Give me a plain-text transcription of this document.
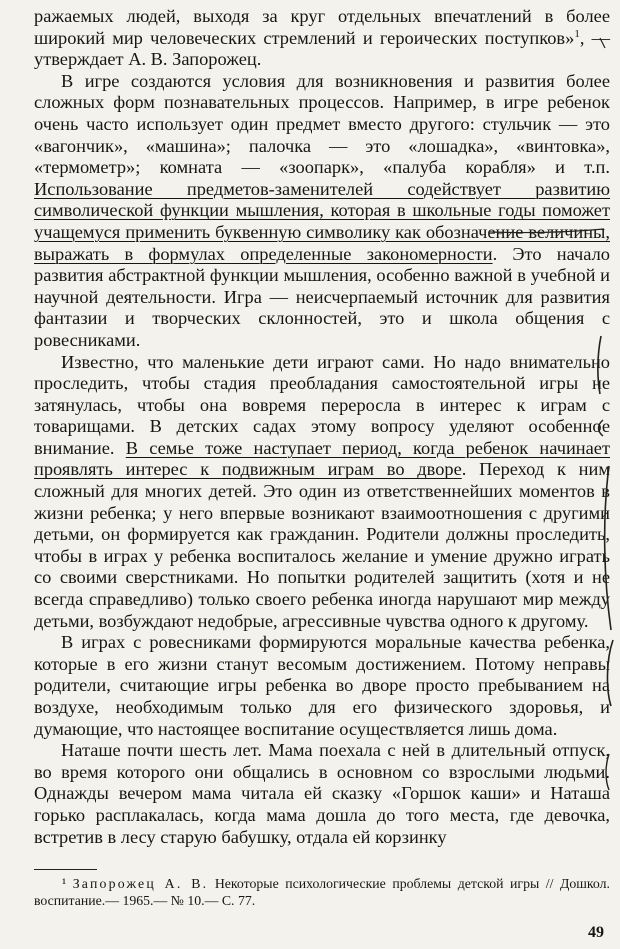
ражаемых людей, выходя за круг отдельных впечатлений в более широкий мир человеческих стремлений и героических поступков»$^1$, — утверждает А. В. Запорожец.

В игре создаются условия для возникновения и развития более сложных форм познавательных процессов. Например, в игре ребенок очень часто использует один предмет вместо другого: стульчик — это «вагончик», «машина»; палочка — это «лошадка», «винтовка», «термометр»; комната — «зоопарк», «палуба корабля» и т.п. Использование предметов-заменителей содействует развитию символической функции мышления, которая в школьные годы поможет учащемуся применить буквенную символику как обозначение величины, выражать в формулах определенные закономерности. Это начало развития абстрактной функции мышления, особенно важной в учебной и научной деятельности. Игра — неисчерпаемый источник для развития фантазии и творческих склонностей, это и школа общения с ровесниками.

Известно, что маленькие дети играют сами. Но надо внимательно проследить, чтобы стадия преобладания самостоятельной игры не затянулась, чтобы она вовремя переросла в интерес к играм с товарищами. В детских садах этому вопросу уделяют особенное внимание. В семье тоже наступает период, когда ребенок начинает проявлять интерес к подвижным играм во дворе. Переход к ним сложный для многих детей. Это один из ответственнейших моментов в жизни ребенка; у него впервые возникают взаимоотношения с другими детьми, он формируется как гражданин. Родители должны проследить, чтобы в играх у ребенка воспиталось желание и умение дружно играть со своими сверстниками. Но попытки родителей защитить (хотя и не всегда справедливо) только своего ребенка иногда нарушают мир между детьми, возбуждают недобрые, агрессивные чувства одного к другому.

В играх с ровесниками формируются моральные качества ребенка, которые в его жизни станут весомым достижением. Потому неправы родители, считающие игры ребенка во дворе просто пребыванием на воздухе, необходимым только для его физического здоровья, и думающие, что настоящее воспитание осуществляется лишь дома.

Наташе почти шесть лет. Мама поехала с ней в длительный отпуск, во время которого они общались в основном со взрослыми людьми. Однажды вечером мама читала ей сказку «Горшок каши» и Наташа горько расплакалась, когда мама дошла до того места, где девочка, встретив в лесу старую бабушку, отдала ей корзинку

¹ Запорожец А. В. Некоторые психологические проблемы детской игры // Дошкол. воспитание.— 1965.— № 10.— С. 77.
49
